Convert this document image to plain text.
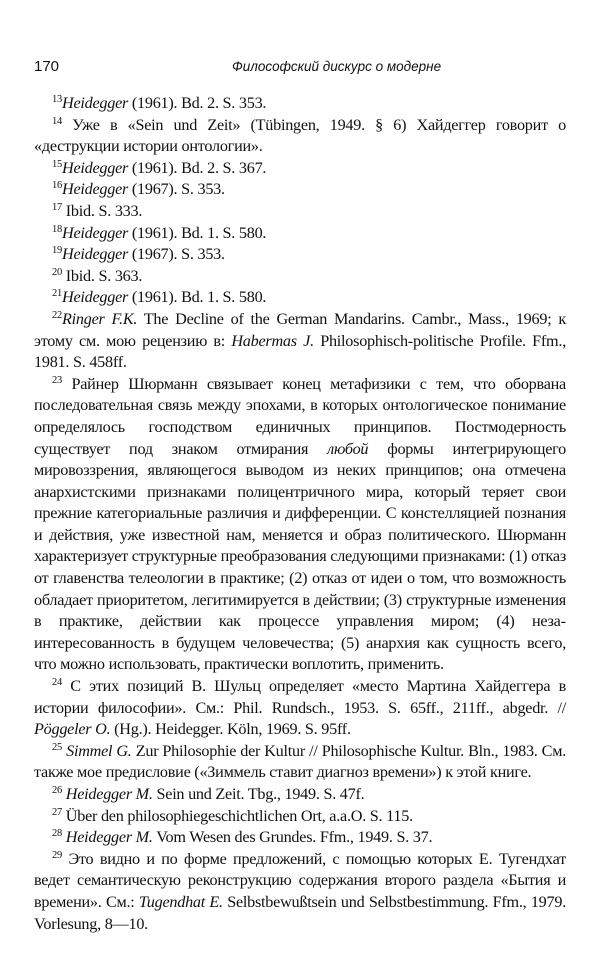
170	Философский дискурс о модерне

$^{13}$Heidegger (1961). Bd. 2. S. 353.

$^{14}$ Уже в «Sein und Zeit» (Tübingen, 1949. § 6) Хайдеггер говорит о «деструкции истории онтологии».

$^{15}$Heidegger (1961). Bd. 2. S. 367.

$^{16}$Heidegger (1967). S. 353.

$^{17}$ Ibid. S. 333.

$^{18}$Heidegger (1961). Bd. 1. S. 580.

$^{19}$Heidegger (1967). S. 353.

$^{20}$ Ibid. S. 363.

$^{21}$Heidegger (1961). Bd. 1. S. 580.

$^{22}$Ringer F.K. The Decline of the German Mandarins. Cambr., Mass., 1969; к этому см. мою рецензию в: Habermas J. Philosophisch-politische Profile. Ffm., 1981. S. 458ff.

$^{23}$ Райнер Шюрманн связывает конец метафизики с тем, что оборвана последовательная связь между эпохами, в которых онтологическое понимание определялось господством единичных принципов. Постмодерность существует под знаком отмирания любой формы интегрирующего мировоззрения, являющегося выводом из неких принципов; она отмечена анархистскими признаками полицентричного мира, который теряет свои прежние категориальные различия и дифференции. С констелляцией познания и действия, уже известной нам, меняется и образ политического. Шюрманн характеризует структурные преобразования следующими признаками: (1) отказ от главенства телеологии в практике; (2) отказ от идеи о том, что возможность обладает приоритетом, легитимируется в действии; (3) структурные изменения в практике, действии как процессе управления миром; (4) незаинтересованность в будущем человечества; (5) анархия как сущность всего, что можно использовать, практически воплотить, применить.

$^{24}$ С этих позиций В. Шульц определяет «место Мартина Хайдеггера в истории философии». См.: Phil. Rundsch., 1953. S. 65ff., 211ff., abgedr. // Pöggeler O. (Hg.). Heidegger. Köln, 1969. S. 95ff.

$^{25}$ Simmel G. Zur Philosophie der Kultur // Philosophische Kultur. Bln., 1983. См. также мое предисловие («Зиммель ставит диагноз времени») к этой книге.

$^{26}$ Heidegger M. Sein und Zeit. Tbg., 1949. S. 47f.

$^{27}$ Über den philosophiegeschichtlichen Ort, a.a.O. S. 115.

$^{28}$ Heidegger M. Vom Wesen des Grundes. Ffm., 1949. S. 37.

$^{29}$ Это видно и по форме предложений, с помощью которых Е. Тугендхат ведет семантическую реконструкцию содержания второго раздела «Бытия и времени». См.: Tugendhat E. Selbstbewußtsein und Selbstbestimmung. Ffm., 1979. Vorlesung, 8—10.
